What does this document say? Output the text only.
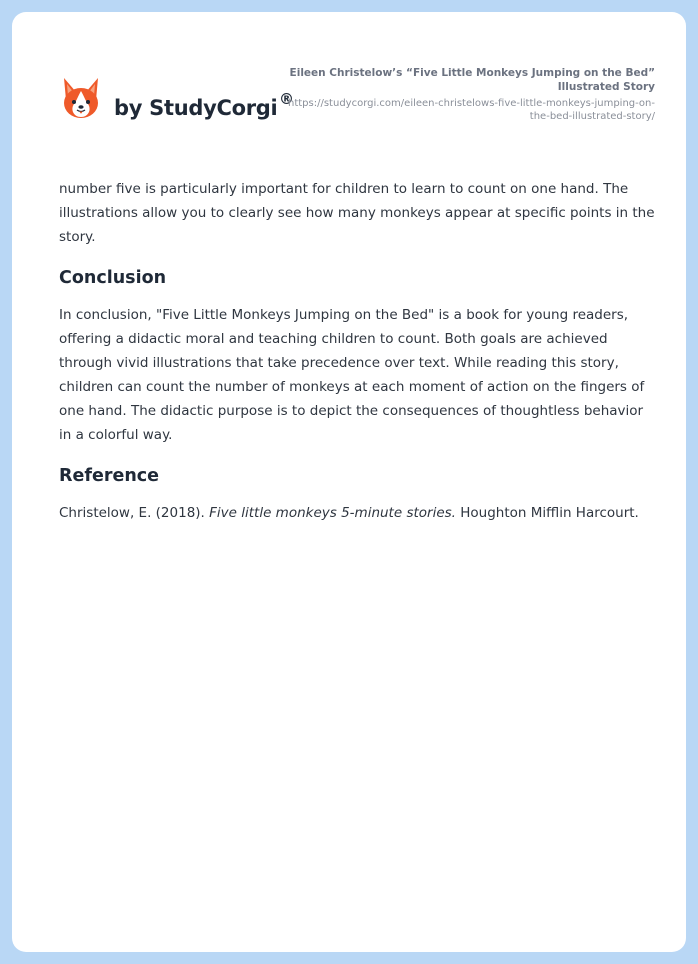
by StudyCorgi ®
Eileen Christelow’s “Five Little Monkeys Jumping on the Bed” Illustrated Story
https://studycorgi.com/eileen-christelows-five-little-monkeys-jumping-on-the-bed-illustrated-story/

number five is particularly important for children to learn to count on one hand. The illustrations allow you to clearly see how many monkeys appear at specific points in the story.

Conclusion

In conclusion, "Five Little Monkeys Jumping on the Bed" is a book for young readers, offering a didactic moral and teaching children to count. Both goals are achieved through vivid illustrations that take precedence over text. While reading this story, children can count the number of monkeys at each moment of action on the fingers of one hand. The didactic purpose is to depict the consequences of thoughtless behavior in a colorful way.

Reference

Christelow, E. (2018). Five little monkeys 5-minute stories. Houghton Mifflin Harcourt.
